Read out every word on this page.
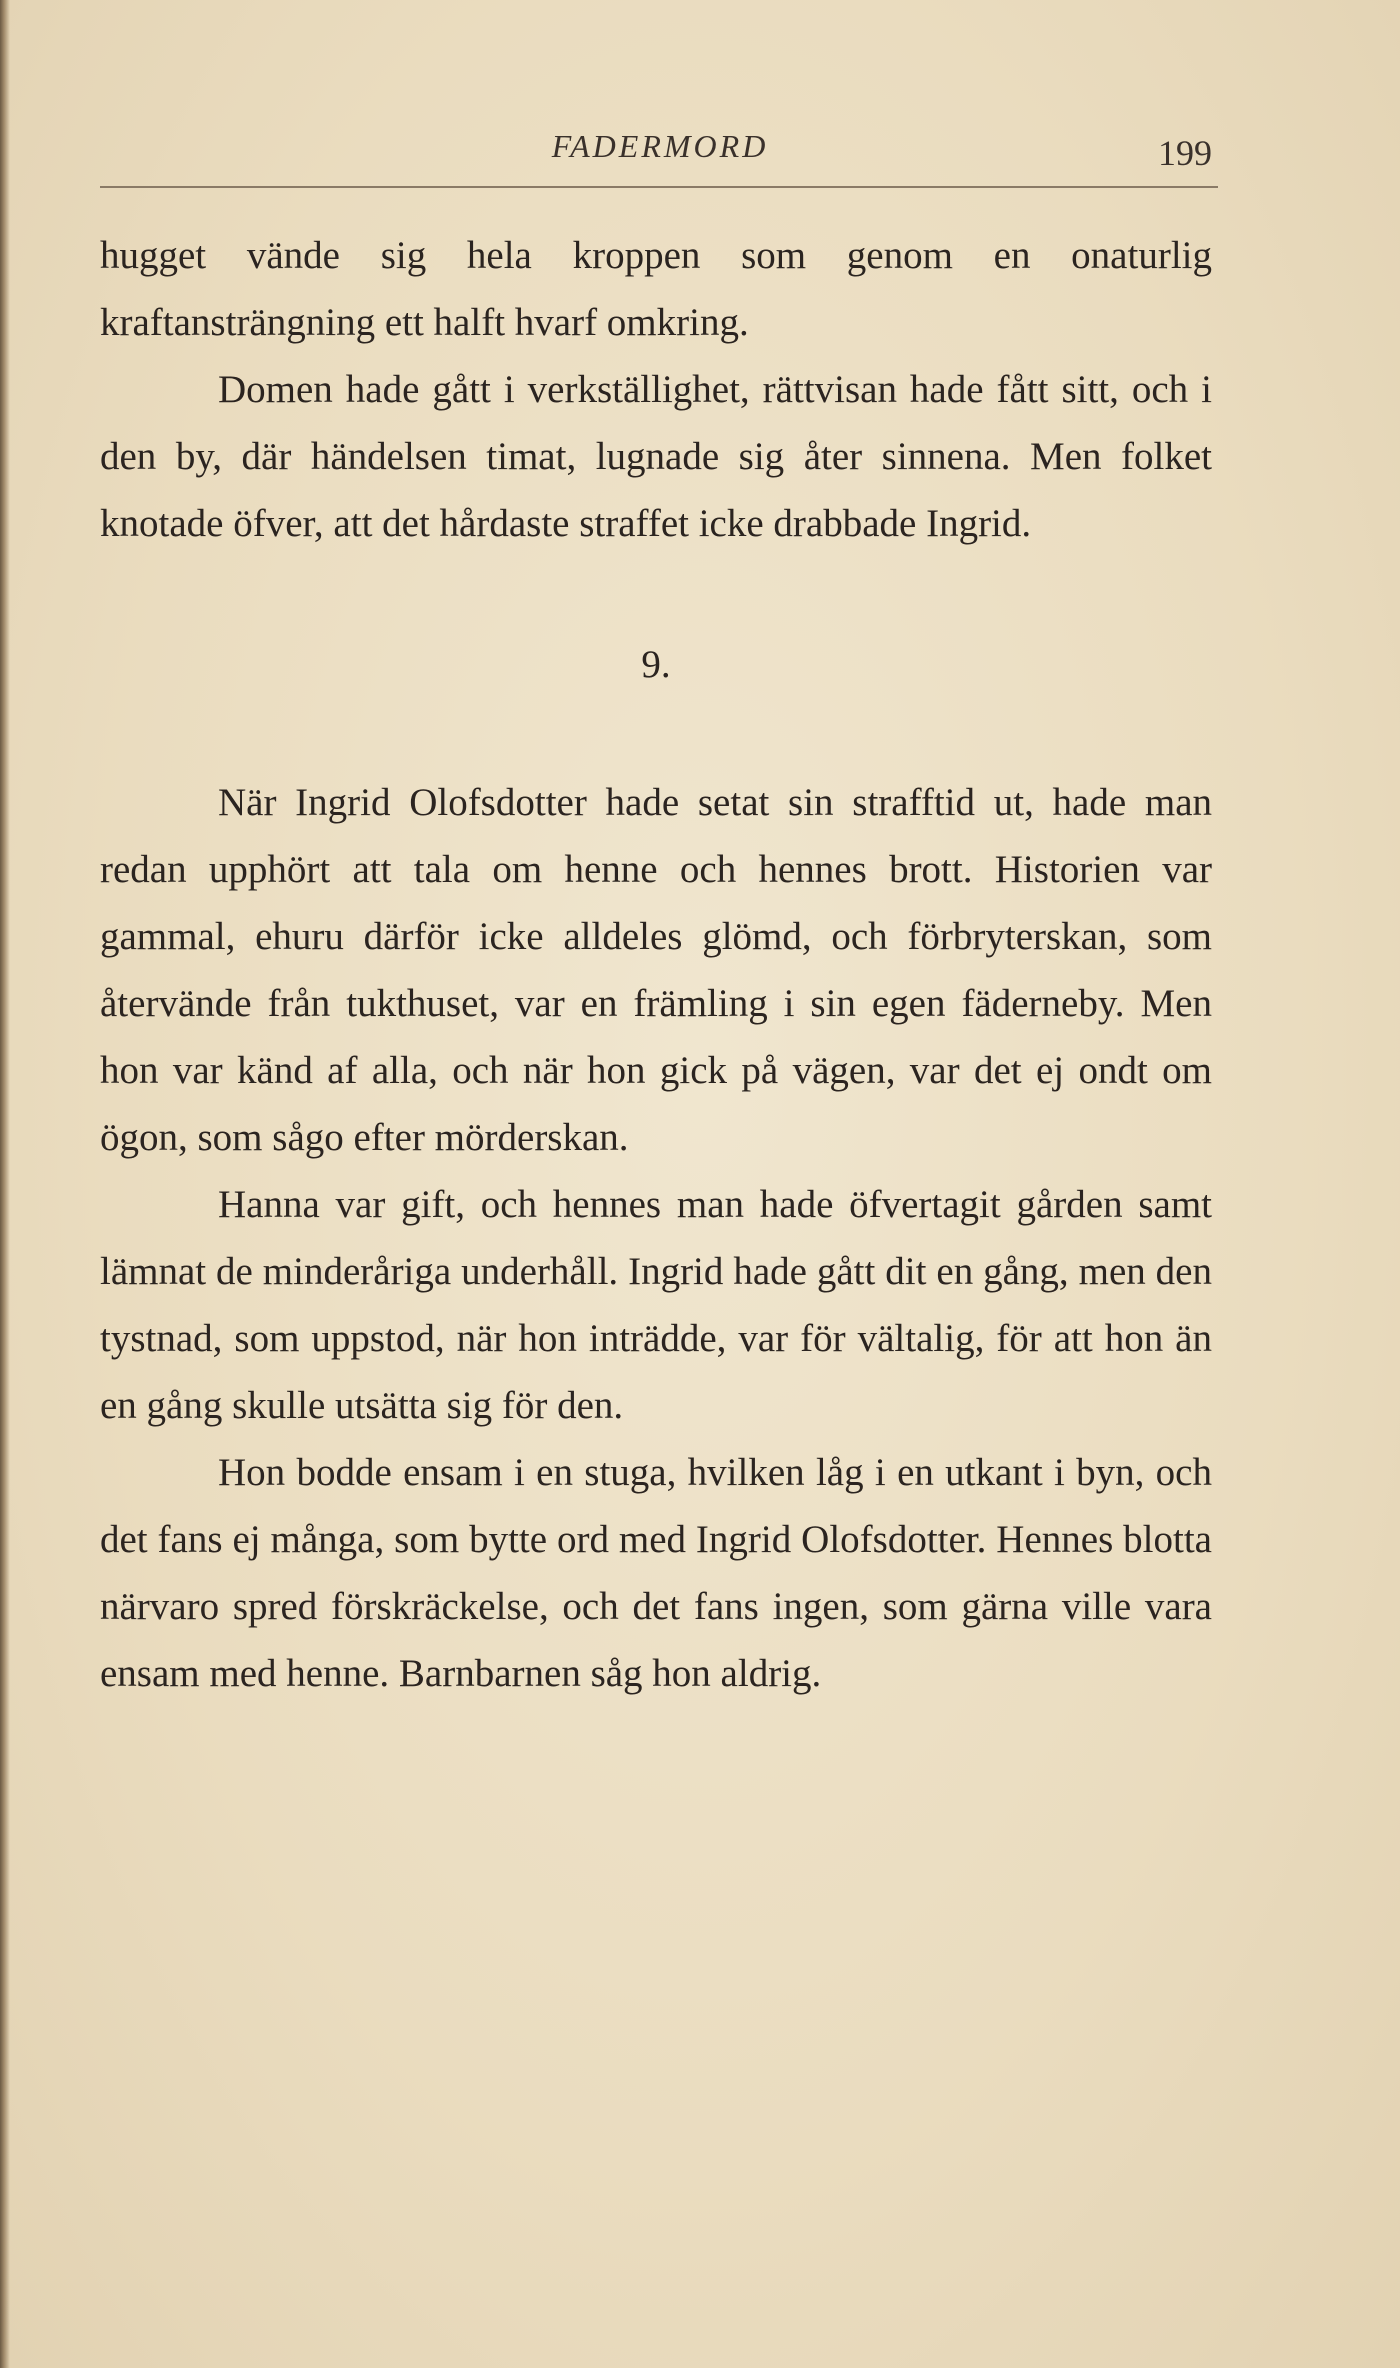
FADERMORD	199

hugget vände sig hela kroppen som genom en onaturlig kraftansträngning ett halft hvarf omkring.

Domen hade gått i verkställighet, rättvisan hade fått sitt, och i den by, där händelsen timat, lugnade sig åter sinnena. Men folket knotade öfver, att det hårdaste straffet icke drabbade Ingrid.

9.

När Ingrid Olofsdotter hade setat sin strafftid ut, hade man redan upphört att tala om henne och hennes brott. Historien var gammal, ehuru därför icke alldeles glömd, och förbryterskan, som återvände från tukthuset, var en främling i sin egen fäderneby. Men hon var känd af alla, och när hon gick på vägen, var det ej ondt om ögon, som sågo efter mörderskan.

Hanna var gift, och hennes man hade öfvertagit gården samt lämnat de minderåriga underhåll. Ingrid hade gått dit en gång, men den tystnad, som uppstod, när hon inträdde, var för vältalig, för att hon än en gång skulle utsätta sig för den.

Hon bodde ensam i en stuga, hvilken låg i en utkant i byn, och det fans ej många, som bytte ord med Ingrid Olofsdotter. Hennes blotta närvaro spred förskräckelse, och det fans ingen, som gärna ville vara ensam med henne. Barnbarnen såg hon aldrig.
